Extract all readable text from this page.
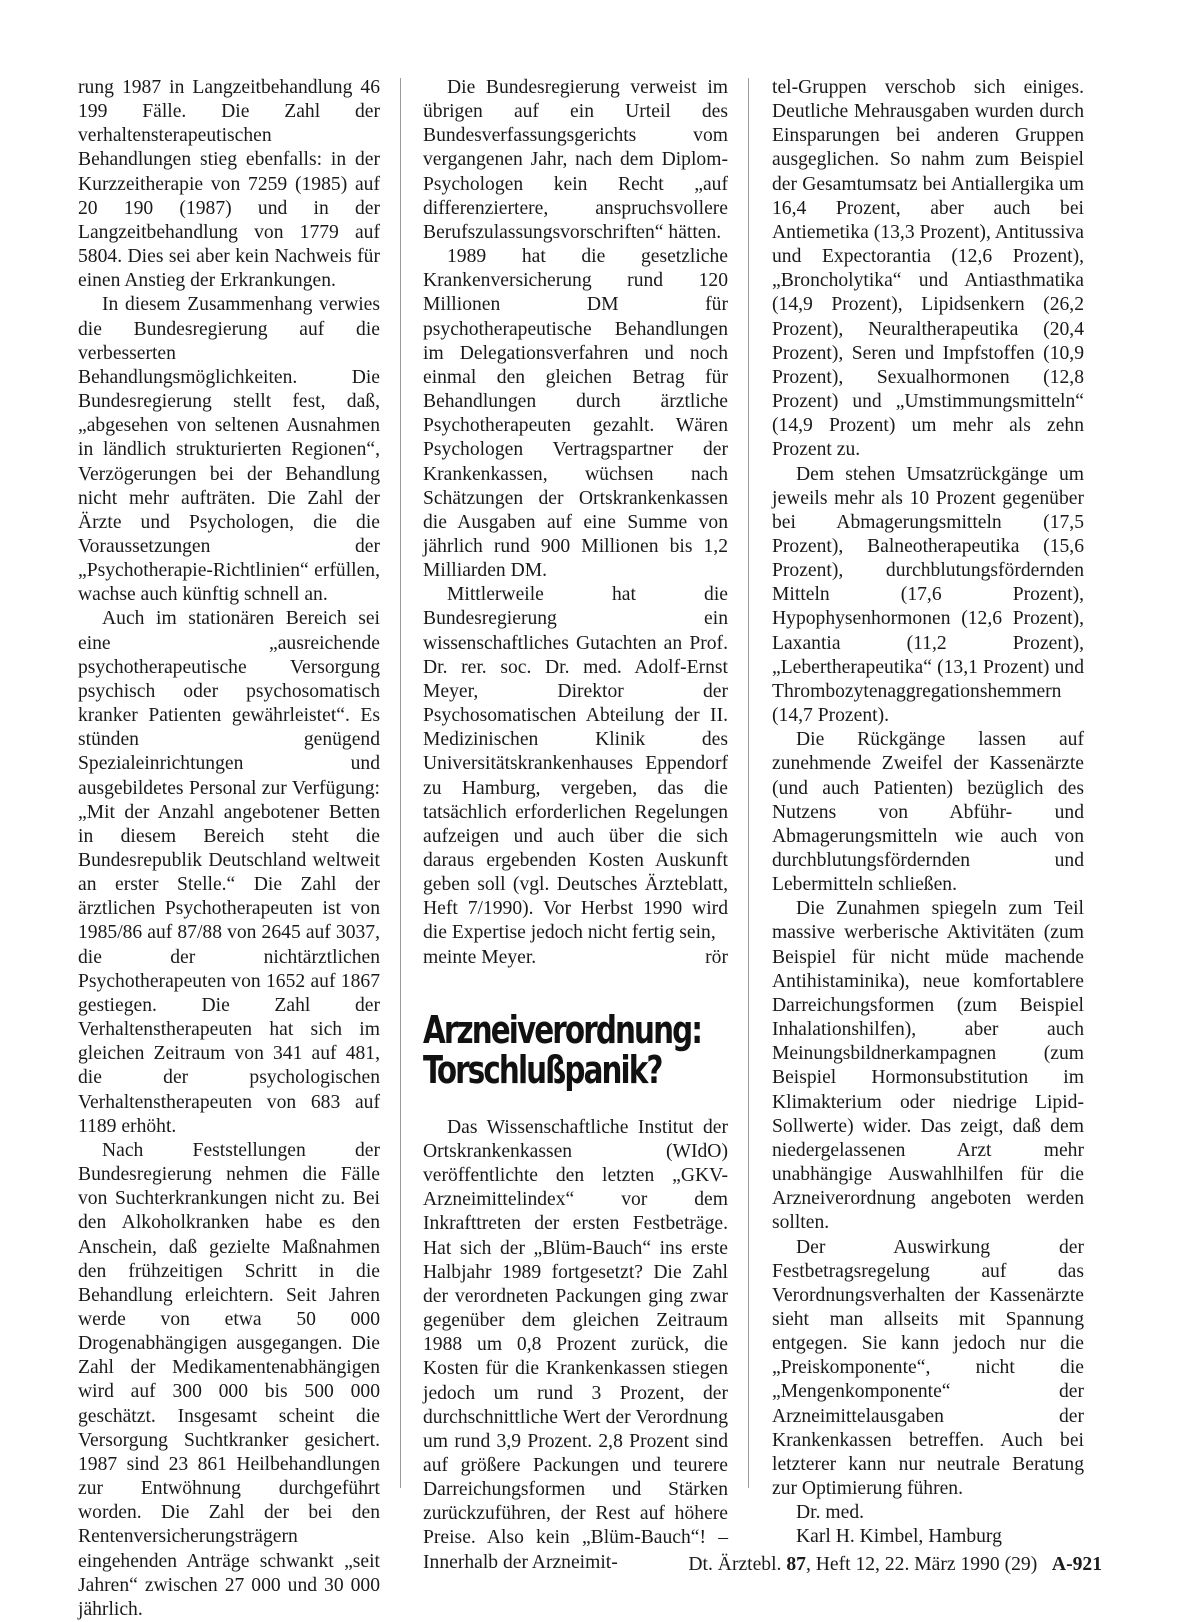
rung 1987 in Langzeitbehandlung 46 199 Fälle. Die Zahl der verhaltensterapeutischen Behandlungen stieg ebenfalls: in der Kurzzeitherapie von 7259 (1985) auf 20 190 (1987) und in der Langzeitbehandlung von 1779 auf 5804. Dies sei aber kein Nachweis für einen Anstieg der Erkrankungen.

In diesem Zusammenhang verwies die Bundesregierung auf die verbesserten Behandlungsmöglichkeiten. Die Bundesregierung stellt fest, daß, „abgesehen von seltenen Ausnahmen in ländlich strukturierten Regionen“, Verzögerungen bei der Behandlung nicht mehr aufträten. Die Zahl der Ärzte und Psychologen, die die Voraussetzungen der „Psychotherapie-Richtlinien“ erfüllen, wachse auch künftig schnell an.

Auch im stationären Bereich sei eine „ausreichende psychotherapeutische Versorgung psychisch oder psychosomatisch kranker Patienten gewährleistet“. Es stünden genügend Spezialeinrichtungen und ausgebildetes Personal zur Verfügung: „Mit der Anzahl angebotener Betten in diesem Bereich steht die Bundesrepublik Deutschland weltweit an erster Stelle.“ Die Zahl der ärztlichen Psychotherapeuten ist von 1985/86 auf 87/88 von 2645 auf 3037, die der nichtärztlichen Psychotherapeuten von 1652 auf 1867 gestiegen. Die Zahl der Verhaltenstherapeuten hat sich im gleichen Zeitraum von 341 auf 481, die der psychologischen Verhaltenstherapeuten von 683 auf 1189 erhöht.

Nach Feststellungen der Bundesregierung nehmen die Fälle von Suchterkrankungen nicht zu. Bei den Alkoholkranken habe es den Anschein, daß gezielte Maßnahmen den frühzeitigen Schritt in die Behandlung erleichtern. Seit Jahren werde von etwa 50 000 Drogenabhängigen ausgegangen. Die Zahl der Medikamentenabhängigen wird auf 300 000 bis 500 000 geschätzt. Insgesamt scheint die Versorgung Suchtkranker gesichert. 1987 sind 23 861 Heilbehandlungen zur Entwöhnung durchgeführt worden. Die Zahl der bei den Rentenversicherungsträgern eingehenden Anträge schwankt „seit Jahren“ zwischen 27 000 und 30 000 jährlich.

Die Bundesregierung verweist im übrigen auf ein Urteil des Bundesverfassungsgerichts vom vergangenen Jahr, nach dem Diplom-Psychologen kein Recht „auf differenziertere, anspruchsvollere Berufszulassungsvorschriften“ hätten.

1989 hat die gesetzliche Krankenversicherung rund 120 Millionen DM für psychotherapeutische Behandlungen im Delegationsverfahren und noch einmal den gleichen Betrag für Behandlungen durch ärztliche Psychotherapeuten gezahlt. Wären Psychologen Vertragspartner der Krankenkassen, wüchsen nach Schätzungen der Ortskrankenkassen die Ausgaben auf eine Summe von jährlich rund 900 Millionen bis 1,2 Milliarden DM.

Mittlerweile hat die Bundesregierung ein wissenschaftliches Gutachten an Prof. Dr. rer. soc. Dr. med. Adolf-Ernst Meyer, Direktor der Psychosomatischen Abteilung der II. Medizinischen Klinik des Universitätskrankenhauses Eppendorf zu Hamburg, vergeben, das die tatsächlich erforderlichen Regelungen aufzeigen und auch über die sich daraus ergebenden Kosten Auskunft geben soll (vgl. Deutsches Ärzteblatt, Heft 7/1990). Vor Herbst 1990 wird die Expertise jedoch nicht fertig sein,

meinte Meyer.	rör
Arzneiverordnung:
Torschlußpanik?

Das Wissenschaftliche Institut der Ortskrankenkassen (WIdO) veröffentlichte den letzten „GKV-Arzneimittelindex“ vor dem Inkrafttreten der ersten Festbeträge. Hat sich der „Blüm-Bauch“ ins erste Halbjahr 1989 fortgesetzt? Die Zahl der verordneten Packungen ging zwar gegenüber dem gleichen Zeitraum 1988 um 0,8 Prozent zurück, die Kosten für die Krankenkassen stiegen jedoch um rund 3 Prozent, der durchschnittliche Wert der Verordnung um rund 3,9 Prozent. 2,8 Prozent sind auf größere Packungen und teurere Darreichungsformen und Stärken zurückzuführen, der Rest auf höhere Preise. Also kein „Blüm-Bauch“! – Innerhalb der Arzneimit-

tel-Gruppen verschob sich einiges. Deutliche Mehrausgaben wurden durch Einsparungen bei anderen Gruppen ausgeglichen. So nahm zum Beispiel der Gesamtumsatz bei Antiallergika um 16,4 Prozent, aber auch bei Antiemetika (13,3 Prozent), Antitussiva und Expectorantia (12,6 Prozent), „Broncholytika“ und Antiasthmatika (14,9 Prozent), Lipidsenkern (26,2 Prozent), Neuraltherapeutika (20,4 Prozent), Seren und Impfstoffen (10,9 Prozent), Sexualhormonen (12,8 Prozent) und „Umstimmungsmitteln“ (14,9 Prozent) um mehr als zehn Prozent zu.

Dem stehen Umsatzrückgänge um jeweils mehr als 10 Prozent gegenüber bei Abmagerungsmitteln (17,5 Prozent), Balneotherapeutika (15,6 Prozent), durchblutungsfördernden Mitteln (17,6 Prozent), Hypophysenhormonen (12,6 Prozent), Laxantia (11,2 Prozent), „Lebertherapeutika“ (13,1 Prozent) und Thrombozytenaggregationshemmern (14,7 Prozent).

Die Rückgänge lassen auf zunehmende Zweifel der Kassenärzte (und auch Patienten) bezüglich des Nutzens von Abführ- und Abmagerungsmitteln wie auch von durchblutungsfördernden und Lebermitteln schließen.

Die Zunahmen spiegeln zum Teil massive werberische Aktivitäten (zum Beispiel für nicht müde machende Antihistaminika), neue komfortablere Darreichungsformen (zum Beispiel Inhalationshilfen), aber auch Meinungsbildnerkampagnen (zum Beispiel Hormonsubstitution im Klimakterium oder niedrige Lipid-Sollwerte) wider. Das zeigt, daß dem niedergelassenen Arzt mehr unabhängige Auswahlhilfen für die Arzneiverordnung angeboten werden sollten.

Der Auswirkung der Festbetragsregelung auf das Verordnungsverhalten der Kassenärzte sieht man allseits mit Spannung entgegen. Sie kann jedoch nur die „Preiskomponente“, nicht die „Mengenkomponente“ der Arzneimittelausgaben der Krankenkassen betreffen. Auch bei letzterer kann nur neutrale Beratung zur Optimierung führen.

Dr. med.

Karl H. Kimbel, Hamburg

Dt. Ärztebl. 87, Heft 12, 22. März 1990 (29) A-921
